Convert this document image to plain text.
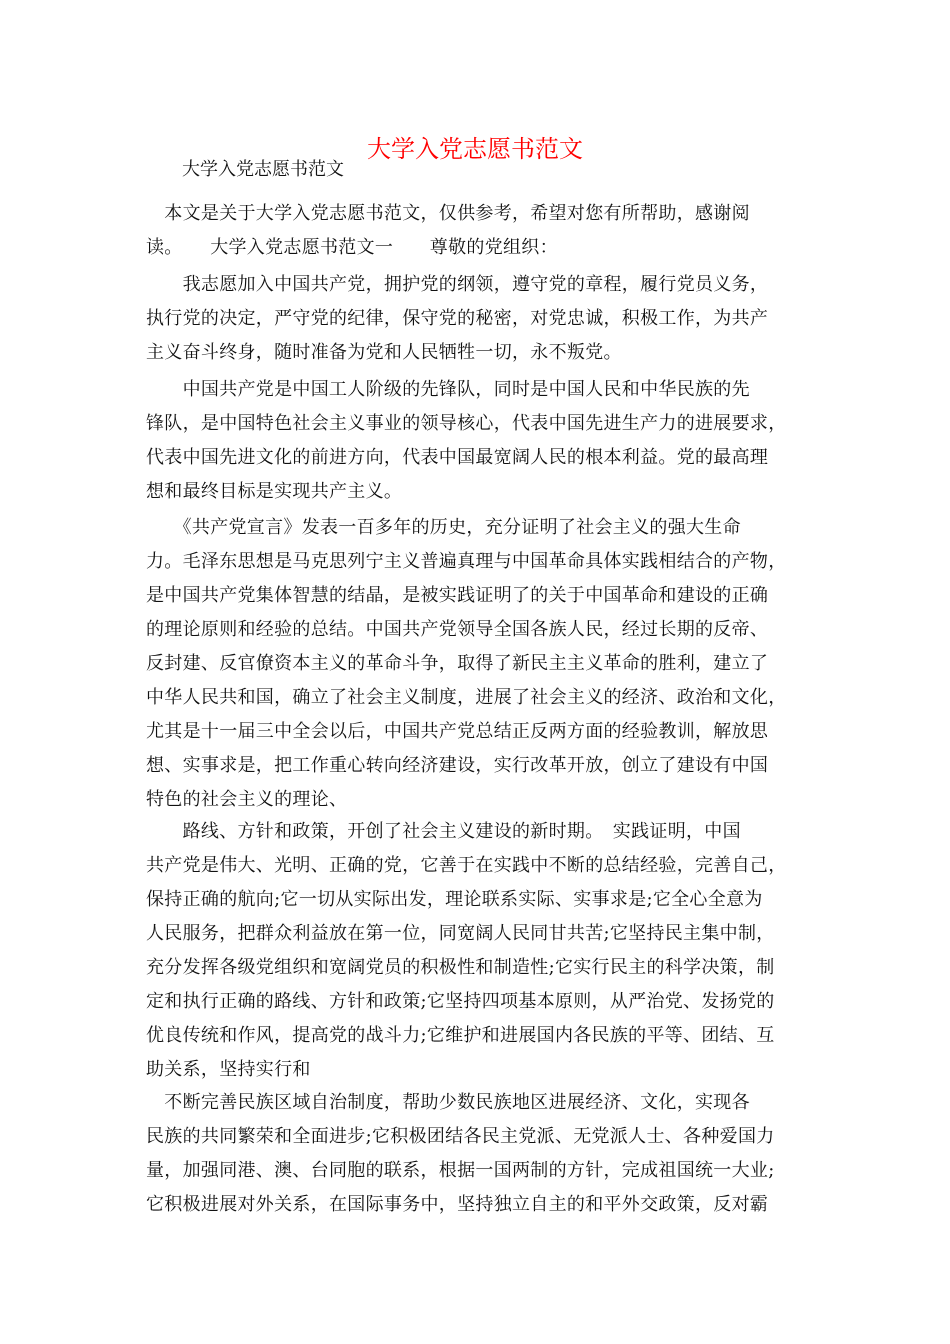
大学入党志愿书范文
大学入党志愿书范文
　本文是关于大学入党志愿书范文，仅供参考，希望对您有所帮助，感谢阅
读。　　大学入党志愿书范文一　　尊敬的党组织：
　　我志愿加入中国共产党，拥护党的纲领，遵守党的章程，履行党员义务，
执行党的决定，严守党的纪律，保守党的秘密，对党忠诚，积极工作，为共产
主义奋斗终身，随时准备为党和人民牺牲一切，永不叛党。
　　中国共产党是中国工人阶级的先锋队，同时是中国人民和中华民族的先
锋队，是中国特色社会主义事业的领导核心，代表中国先进生产力的进展要求，
代表中国先进文化的前进方向，代表中国最宽阔人民的根本利益。党的最高理
想和最终目标是实现共产主义。
　　《共产党宣言》发表一百多年的历史，充分证明了社会主义的强大生命
力。毛泽东思想是马克思列宁主义普遍真理与中国革命具体实践相结合的产物，
是中国共产党集体智慧的结晶，是被实践证明了的关于中国革命和建设的正确
的理论原则和经验的总结。中国共产党领导全国各族人民，经过长期的反帝、
反封建、反官僚资本主义的革命斗争，取得了新民主主义革命的胜利，建立了
中华人民共和国，确立了社会主义制度，进展了社会主义的经济、政治和文化，
尤其是十一届三中全会以后，中国共产党总结正反两方面的经验教训，解放思
想、实事求是，把工作重心转向经济建设，实行改革开放，创立了建设有中国
特色的社会主义的理论、
　　路线、方针和政策，开创了社会主义建设的新时期。　实践证明，中国
共产党是伟大、光明、正确的党，它善于在实践中不断的总结经验，完善自己，
保持正确的航向;它一切从实际出发，理论联系实际、实事求是;它全心全意为
人民服务，把群众利益放在第一位，同宽阔人民同甘共苦;它坚持民主集中制，
充分发挥各级党组织和宽阔党员的积极性和制造性;它实行民主的科学决策，制
定和执行正确的路线、方针和政策;它坚持四项基本原则，从严治党、发扬党的
优良传统和作风，提高党的战斗力;它维护和进展国内各民族的平等、团结、互
助关系，坚持实行和
　不断完善民族区域自治制度，帮助少数民族地区进展经济、文化，实现各
民族的共同繁荣和全面进步;它积极团结各民主党派、无党派人士、各种爱国力
量，加强同港、澳、台同胞的联系，根据一国两制的方针，完成祖国统一大业;
它积极进展对外关系，在国际事务中，坚持独立自主的和平外交政策，反对霸
